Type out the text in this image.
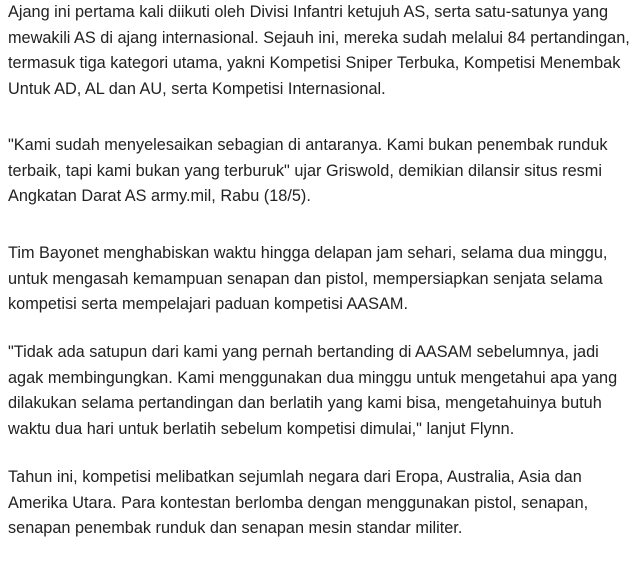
Ajang ini pertama kali diikuti oleh Divisi Infantri ketujuh AS, serta satu-satunya yang
mewakili AS di ajang internasional. Sejauh ini, mereka sudah melalui 84 pertandingan,
termasuk tiga kategori utama, yakni Kompetisi Sniper Terbuka, Kompetisi Menembak
Untuk AD, AL dan AU, serta Kompetisi Internasional.

"Kami sudah menyelesaikan sebagian di antaranya. Kami bukan penembak runduk
terbaik, tapi kami bukan yang terburuk" ujar Griswold, demikian dilansir situs resmi
Angkatan Darat AS army.mil, Rabu (18/5).

Tim Bayonet menghabiskan waktu hingga delapan jam sehari, selama dua minggu,
untuk mengasah kemampuan senapan dan pistol, mempersiapkan senjata selama
kompetisi serta mempelajari paduan kompetisi AASAM.

"Tidak ada satupun dari kami yang pernah bertanding di AASAM sebelumnya, jadi
agak membingungkan. Kami menggunakan dua minggu untuk mengetahui apa yang
dilakukan selama pertandingan dan berlatih yang kami bisa, mengetahuinya butuh
waktu dua hari untuk berlatih sebelum kompetisi dimulai," lanjut Flynn.

Tahun ini, kompetisi melibatkan sejumlah negara dari Eropa, Australia, Asia dan
Amerika Utara. Para kontestan berlomba dengan menggunakan pistol, senapan,
senapan penembak runduk dan senapan mesin standar militer.
